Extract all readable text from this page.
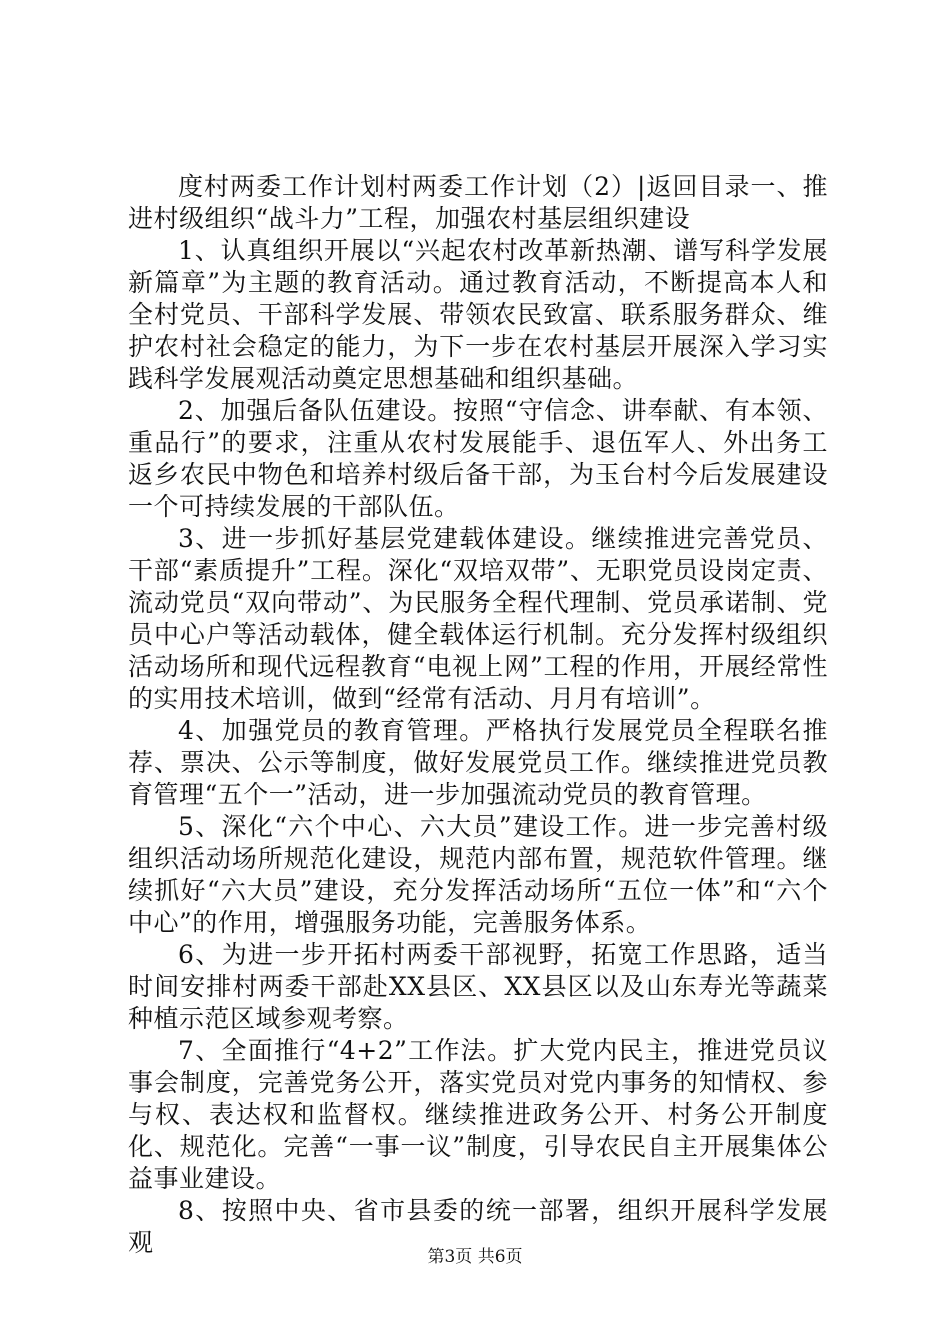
度村两委工作计划村两委工作计划（2）|返回目录一、推进村级组织“战斗力”工程，加强农村基层组织建设

1、认真组织开展以“兴起农村改革新热潮、谱写科学发展新篇章”为主题的教育活动。通过教育活动，不断提高本人和全村党员、干部科学发展、带领农民致富、联系服务群众、维护农村社会稳定的能力，为下一步在农村基层开展深入学习实践科学发展观活动奠定思想基础和组织基础。

2、加强后备队伍建设。按照“守信念、讲奉献、有本领、重品行”的要求，注重从农村发展能手、退伍军人、外出务工返乡农民中物色和培养村级后备干部，为玉台村今后发展建设一个可持续发展的干部队伍。

3、进一步抓好基层党建载体建设。继续推进完善党员、干部“素质提升”工程。深化“双培双带”、无职党员设岗定责、流动党员“双向带动”、为民服务全程代理制、党员承诺制、党员中心户等活动载体，健全载体运行机制。充分发挥村级组织活动场所和现代远程教育“电视上网”工程的作用，开展经常性的实用技术培训，做到“经常有活动、月月有培训”。

4、加强党员的教育管理。严格执行发展党员全程联名推荐、票决、公示等制度，做好发展党员工作。继续推进党员教育管理“五个一”活动，进一步加强流动党员的教育管理。

5、深化“六个中心、六大员”建设工作。进一步完善村级组织活动场所规范化建设，规范内部布置，规范软件管理。继续抓好“六大员”建设，充分发挥活动场所“五位一体”和“六个中心”的作用，增强服务功能，完善服务体系。

6、为进一步开拓村两委干部视野，拓宽工作思路，适当时间安排村两委干部赴XX县区、XX县区以及山东寿光等蔬菜种植示范区域参观考察。

7、全面推行“4+2”工作法。扩大党内民主，推进党员议事会制度，完善党务公开，落实党员对党内事务的知情权、参与权、表达权和监督权。继续推进政务公开、村务公开制度化、规范化。完善“一事一议”制度，引导农民自主开展集体公益事业建设。

8、按照中央、省市县委的统一部署，组织开展科学发展观	第3页 共6页
